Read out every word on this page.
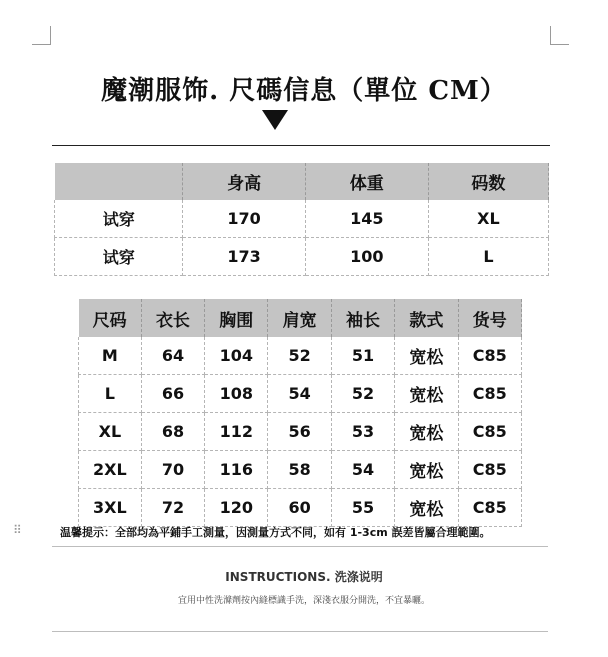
魔潮服饰. 尺碼信息（單位 CM）
	身高	体重	码数
试穿	170	145	XL
试穿	173	100	L
尺码	衣长	胸围	肩宽	袖长	款式	货号
M	64	104	52	51	宽松	C85
L	66	108	54	52	宽松	C85
XL	68	112	56	53	宽松	C85
2XL	70	116	58	54	宽松	C85
3XL	72	120	60	55	宽松	C85
⠿	温馨提示：全部均為平鋪手工測量，因測量方式不同，如有 1-3cm 誤差皆屬合理範圍。
INSTRUCTIONS. 洗涤说明
宜用中性洗滌劑按內縫標識手洗，深淺衣服分開洗，不宜暴曬。
